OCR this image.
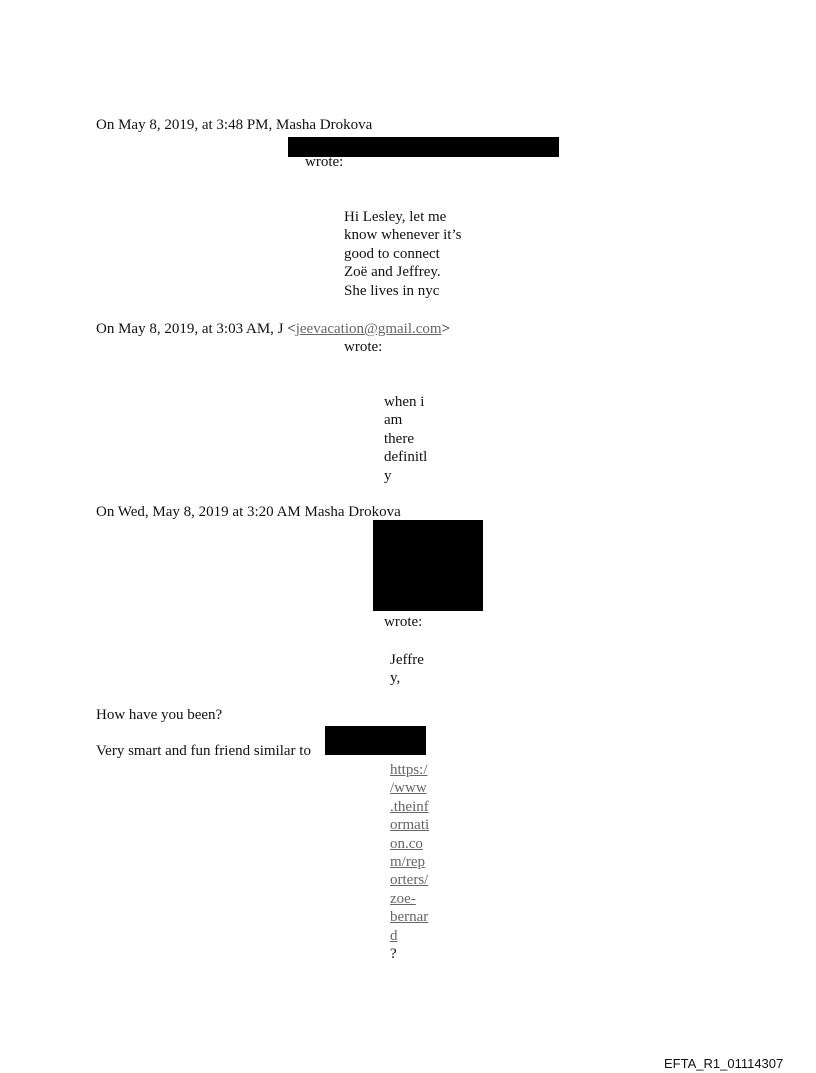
On May 8, 2019, at 3:48 PM, Masha Drokova
wrote:
Hi Lesley, let me
know whenever it’s
good to connect
Zoë and Jeffrey.
She lives in nyc
On May 8, 2019, at 3:03 AM, J <jeevacation@gmail.com>
wrote:
when i
am
there
definitl
y
On Wed, May 8, 2019 at 3:20 AM Masha Drokova
wrote:
Jeffre
y,
How have you been?
Very smart and fun friend similar to
https:/
/www
.theinf
ormati
on.co
m/rep
orters/
zoe-
bernar
d
?
EFTA_R1_01114307
